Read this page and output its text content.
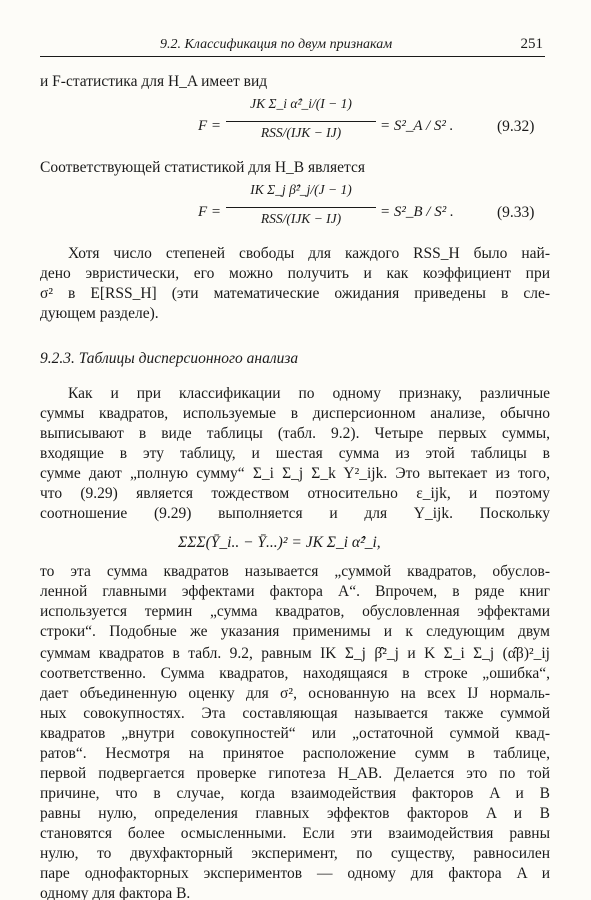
9.2. Классификация по двум признакам	251
и F-статистика для H_A имеет вид
F =
JK Σ_i α̂²_i/(I − 1)
RSS/(IJK − IJ)	= S²_A / S² .	(9.32)
Соответствующей статистикой для H_B является
F =
IK Σ_j β̂²_j/(J − 1)
RSS/(IJK − IJ)	= S²_B / S² .	(9.33)
Хотя число степеней свободы для каждого RSS_H было най-
дено эвристически, его можно получить и как коэффициент при
σ² в E[RSS_H] (эти математические ожидания приведены в сле-
дующем разделе).
9.2.3. Таблицы дисперсионного анализа
Как и при классификации по одному признаку, различные
суммы квадратов, используемые в дисперсионном анализе, обычно
выписывают в виде таблицы (табл. 9.2). Четыре первых суммы,
входящие в эту таблицу, и шестая сумма из этой таблицы в
сумме дают „полную сумму“ Σ_i Σ_j Σ_k Y²_ijk. Это вытекает из того,
что (9.29) является тождеством относительно ε_ijk, и поэтому
соотношение (9.29) выполняется и для Y_ijk. Поскольку
ΣΣΣ(Ȳ_i.. − Ȳ...)² = JK Σ_i α̂²_i,
то эта сумма квадратов называется „суммой квадратов, обуслов-
ленной главными эффектами фактора A“. Впрочем, в ряде книг
используется термин „сумма квадратов, обусловленная эффектами
строки“. Подобные же указания применимы и к следующим двум
суммам квадратов в табл. 9.2, равным IK Σ_j β̂²_j и K Σ_i Σ_j (α̂β)²_ij
соответственно. Сумма квадратов, находящаяся в строке „ошибка“,
дает объединенную оценку для σ², основанную на всех IJ нормаль-
ных совокупностях. Эта составляющая называется также суммой
квадратов „внутри совокупностей“ или „остаточной суммой квад-
ратов“. Несмотря на принятое расположение сумм в таблице,
первой подвергается проверке гипотеза H_AB. Делается это по той
причине, что в случае, когда взаимодействия факторов A и B
равны нулю, определения главных эффектов факторов A и B
становятся более осмысленными. Если эти взаимодействия равны
нулю, то двухфакторный эксперимент, по существу, равносилен
паре однофакторных экспериментов — одному для фактора A и
одному для фактора B.
